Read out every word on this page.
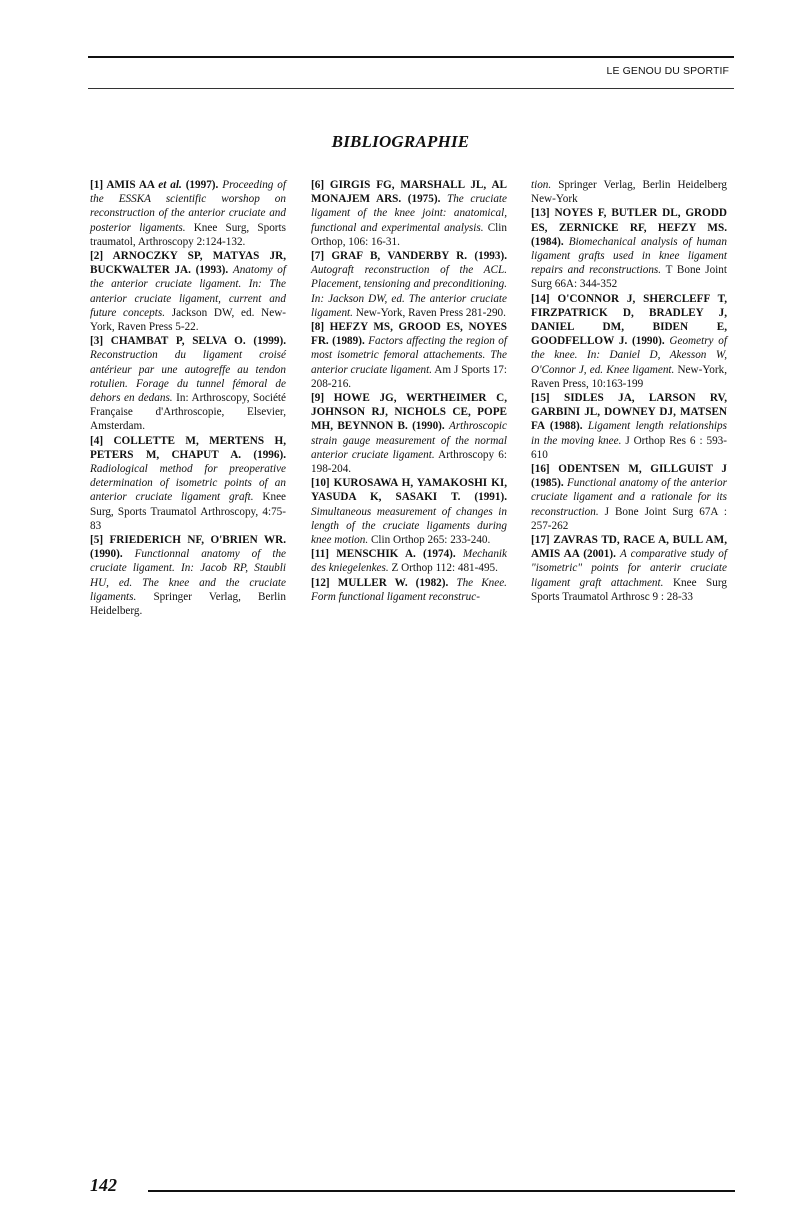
LE GENOU DU SPORTIF
BIBLIOGRAPHIE

[1] AMIS AA et al. (1997). Proceeding of the ESSKA scientific worshop on reconstruction of the anterior cruciate and posterior ligaments. Knee Surg, Sports traumatol, Arthroscopy 2:124-132.

[2] ARNOCZKY SP, MATYAS JR, BUCKWALTER JA. (1993). Anatomy of the anterior cruciate ligament. In: The anterior cruciate ligament, current and future concepts. Jackson DW, ed. New-York, Raven Press 5-22.

[3] CHAMBAT P, SELVA O. (1999). Reconstruction du ligament croisé antérieur par une autogreffe au tendon rotulien. Forage du tunnel fémoral de dehors en dedans. In: Arthroscopy, Société Française d'Arthroscopie, Elsevier, Amsterdam.

[4] COLLETTE M, MERTENS H, PETERS M, CHAPUT A. (1996). Radiological method for preoperative determination of isometric points of an anterior cruciate ligament graft. Knee Surg, Sports Traumatol Arthroscopy, 4:75-83

[5] FRIEDERICH NF, O'BRIEN WR. (1990). Functionnal anatomy of the cruciate ligament. In: Jacob RP, Staubli HU, ed. The knee and the cruciate ligaments. Springer Verlag, Berlin Heidelberg.

[6] GIRGIS FG, MARSHALL JL, AL MONAJEM ARS. (1975). The cruciate ligament of the knee joint: anatomical, functional and experimental analysis. Clin Orthop, 106: 16-31.

[7] GRAF B, VANDERBY R. (1993). Autograft reconstruction of the ACL. Placement, tensioning and preconditioning. In: Jackson DW, ed. The anterior cruciate ligament. New-York, Raven Press 281-290.

[8] HEFZY MS, GROOD ES, NOYES FR. (1989). Factors affecting the region of most isometric femoral attachements. The anterior cruciate ligament. Am J Sports 17: 208-216.

[9] HOWE JG, WERTHEIMER C, JOHNSON RJ, NICHOLS CE, POPE MH, BEYNNON B. (1990). Arthroscopic strain gauge measurement of the normal anterior cruciate ligament. Arthroscopy 6: 198-204.

[10] KUROSAWA H, YAMAKOSHI KI, YASUDA K, SASAKI T. (1991). Simultaneous measurement of changes in length of the cruciate ligaments during knee motion. Clin Orthop 265: 233-240.

[11] MENSCHIK A. (1974). Mechanik des kniegelenkes. Z Orthop 112: 481-495.

[12] MULLER W. (1982). The Knee. Form functional ligament reconstruc-

tion. Springer Verlag, Berlin Heidelberg New-York

[13] NOYES F, BUTLER DL, GRODD ES, ZERNICKE RF, HEFZY MS. (1984). Biomechanical analysis of human ligament grafts used in knee ligament repairs and reconstructions. T Bone Joint Surg 66A: 344-352

[14] O'CONNOR J, SHERCLEFF T, FIRZPATRICK D, BRADLEY J, DANIEL DM, BIDEN E, GOODFELLOW J. (1990). Geometry of the knee. In: Daniel D, Akesson W, O'Connor J, ed. Knee ligament. New-York, Raven Press, 10:163-199

[15] SIDLES JA, LARSON RV, GARBINI JL, DOWNEY DJ, MATSEN FA (1988). Ligament length relationships in the moving knee. J Orthop Res 6 : 593-610

[16] ODENTSEN M, GILLGUIST J (1985). Functional anatomy of the anterior cruciate ligament and a rationale for its reconstruction. J Bone Joint Surg 67A : 257-262

[17] ZAVRAS TD, RACE A, BULL AM, AMIS AA (2001). A comparative study of "isometric" points for anterir cruciate ligament graft attachment. Knee Surg Sports Traumatol Arthrosc 9 : 28-33

142
